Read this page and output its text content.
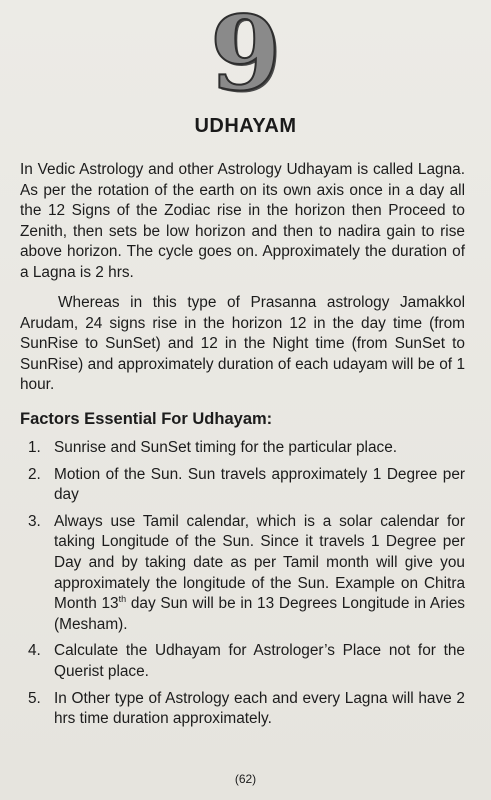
9
UDHAYAM

In Vedic Astrology and other Astrology Udhayam is called Lagna. As per the rotation of the earth on its own axis once in a day all the 12 Signs of the Zodiac rise in the horizon then Proceed to Zenith, then sets be low horizon and then to nadira gain to rise above horizon. The cycle goes on. Approximately the duration of a Lagna is 2 hrs.

Whereas in this type of Prasanna astrology Jamakkol Arudam, 24 signs rise in the horizon 12 in the day time (from SunRise to SunSet) and 12 in the Night time (from SunSet to SunRise) and approximately duration of each udayam will be of 1 hour.

Factors Essential For Udhayam:
1. Sunrise and SunSet timing for the particular place.
2. Motion of the Sun. Sun travels approximately 1 Degree per day
3. Always use Tamil calendar, which is a solar calendar for taking Longitude of the Sun. Since it travels 1 Degree per Day and by taking date as per Tamil month will give you approximately the longitude of the Sun. Example on Chitra Month 13th day Sun will be in 13 Degrees Longitude in Aries (Mesham).
4. Calculate the Udhayam for Astrologer’s Place not for the Querist place.
5. In Other type of Astrology each and every Lagna will have 2 hrs time duration approximately.
(62)
